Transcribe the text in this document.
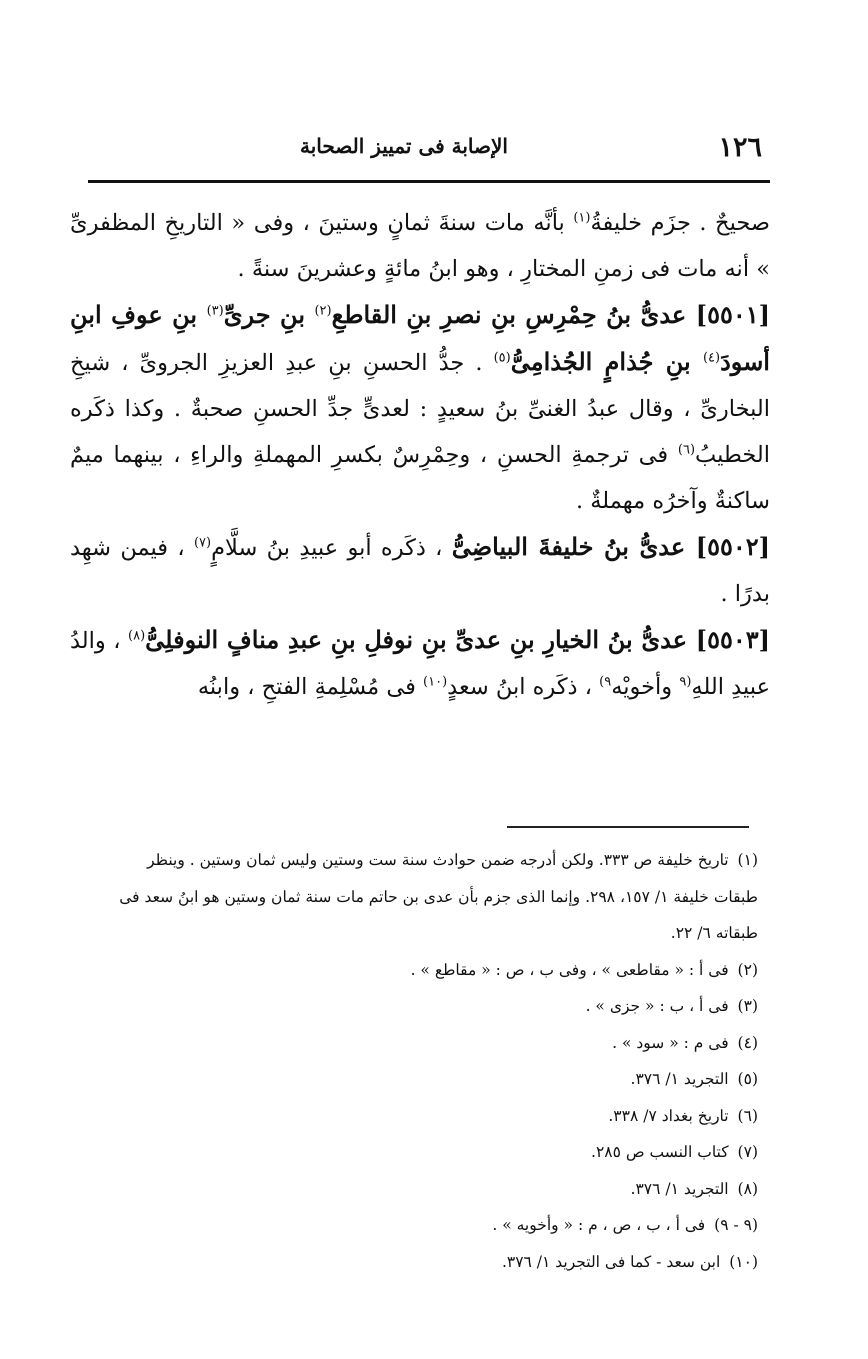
١٢٦
الإصابة فى تمييز الصحابة

صحيحٌ . جزَم خليفةُ$^{(١)}$ بأنَّه مات سنةَ ثمانٍ وستينَ ، وفى « التاريخِ المظفرىِّ » أنه مات فى زمنِ المختارِ ، وهو ابنُ مائةٍ وعشرينَ سنةً .

[٥٥٠١] عدىُّ بنُ حِمْرِسِ بنِ نصرِ بنِ القاطعِ$^{(٢)}$ بنِ جرىِّ$^{(٣)}$ بنِ عوفِ ابنِ أسودَ$^{(٤)}$ بنِ جُذامٍ الجُذامِىُّ$^{(٥)}$ . جدُّ الحسنِ بنِ عبدِ العزيزِ الجروىِّ ، شيخِ البخارىِّ ، وقال عبدُ الغنىِّ بنُ سعيدٍ : لعدىٍّ جدِّ الحسنِ صحبةٌ . وكذا ذكَره الخطيبُ$^{(٦)}$ فى ترجمةِ الحسنِ ، وحِمْرِسٌ بكسرِ المهملةِ والراءِ ، بينهما ميمٌ ساكنةٌ وآخرُه مهملةٌ .

[٥٥٠٢] عدىُّ بنُ خليفةَ البياضِىُّ ، ذكَره أبو عبيدِ بنُ سلَّامٍ$^{(٧)}$ ، فيمن شهِد بدرًا .

[٥٥٠٣] عدىُّ بنُ الخيارِ بنِ عدىِّ بنِ نوفلِ بنِ عبدِ منافٍ النوفلِىُّ$^{(٨)}$ ، والدُ عبيدِ اللهِ$^{(٩}$ وأخويْه$^{٩)}$ ، ذكَره ابنُ سعدٍ$^{(١٠)}$ فى مُسْلِمةِ الفتحِ ، وابنُه

(١) تاريخ خليفة ص ٣٣٣. ولكن أدرجه ضمن حوادث سنة ست وستين وليس ثمان وستين . وينظر طبقات خليفة ١/ ١٥٧، ٢٩٨. وإنما الذى جزم بأن عدى بن حاتم مات سنة ثمان وستين هو ابنُ سعد فى طبقاته ٦/ ٢٢.

(٢) فى أ : « مقاطعى » ، وفى ب ، ص : « مقاطع » .

(٣) فى أ ، ب : « جزى » .

(٤) فى م : « سود » .

(٥) التجريد ١/ ٣٧٦.

(٦) تاريخ بغداد ٧/ ٣٣٨.

(٧) كتاب النسب ص ٢٨٥.

(٨) التجريد ١/ ٣٧٦.

(٩ - ٩) فى أ ، ب ، ص ، م : « وأخويه » .

(١٠) ابن سعد - كما فى التجريد ١/ ٣٧٦.
